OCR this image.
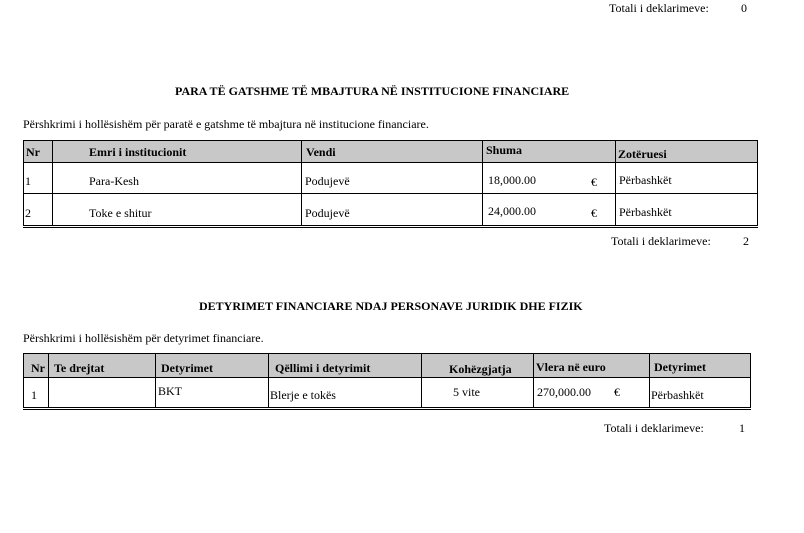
Totali i deklarimeve:	0
PARA TË GATSHME TË MBAJTURA NË INSTITUCIONE FINANCIARE
Përshkrimi i hollësishëm për paratë e gatshme të mbajtura në institucione financiare.
Nr	Emri i institucionit	Vendi	Shuma	Zotëruesi

1	Para-Kesh	Podujevë	18,000.00 €	Përbashkët

2	Toke e shitur	Podujevë	24,000.00 €	Përbashkët
Totali i deklarimeve:	2
DETYRIMET FINANCIARE NDAJ PERSONAVE JURIDIK DHE FIZIK
Përshkrimi i hollësishëm për detyrimet financiare.
Nr	Te drejtat	Detyrimet	Qëllimi i detyrimit	Kohëzgjatja	Vlera në euro	Detyrimet

1		BKT	Blerje e tokës	5 vite	270,000.00 €	Përbashkët
Totali i deklarimeve:	1
